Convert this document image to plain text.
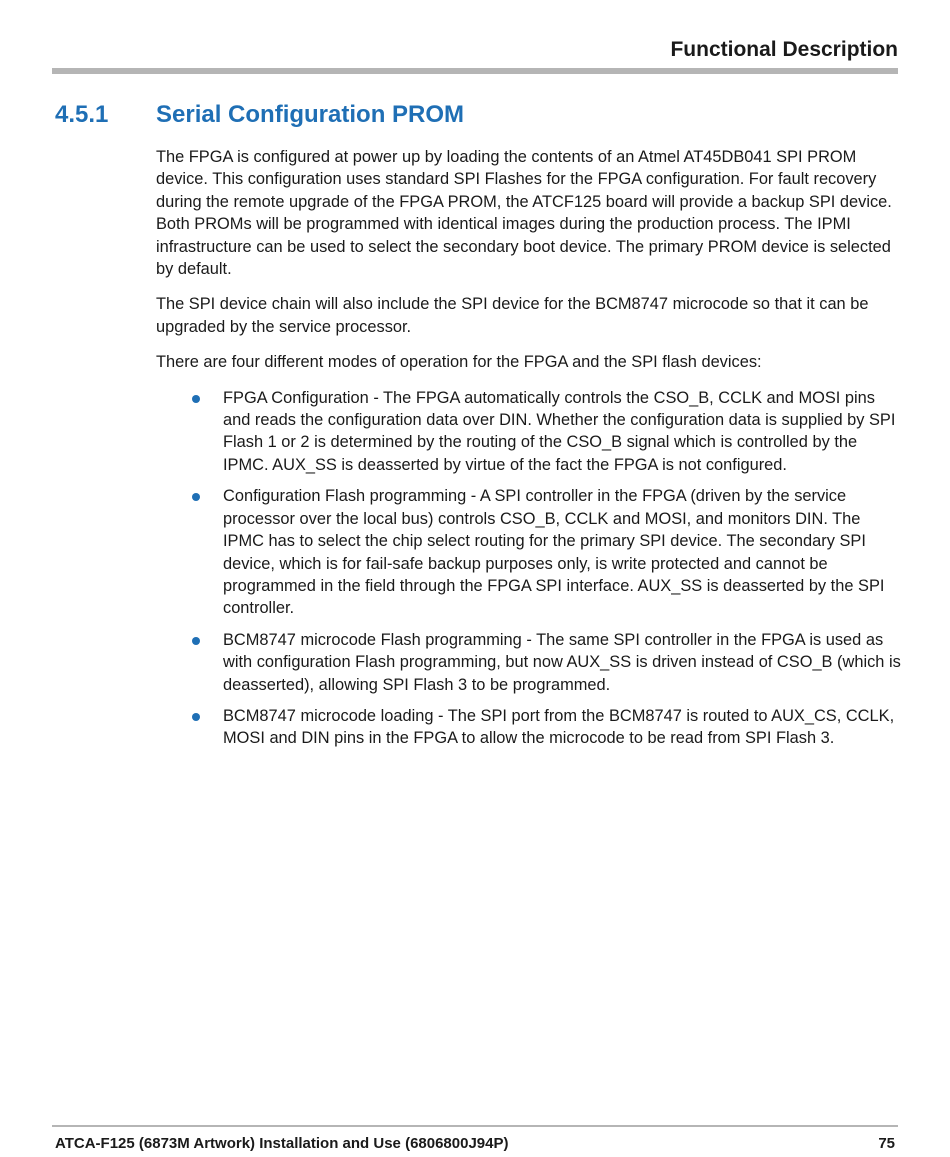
Functional Description
4.5.1 Serial Configuration PROM

The FPGA is configured at power up by loading the contents of an Atmel AT45DB041 SPI PROM device. This configuration uses standard SPI Flashes for the FPGA configuration. For fault recovery during the remote upgrade of the FPGA PROM, the ATCF125 board will provide a backup SPI device. Both PROMs will be programmed with identical images during the production process. The IPMI infrastructure can be used to select the secondary boot device. The primary PROM device is selected by default.

The SPI device chain will also include the SPI device for the BCM8747 microcode so that it can be upgraded by the service processor.

There are four different modes of operation for the FPGA and the SPI flash devices:

FPGA Configuration - The FPGA automatically controls the CSO_B, CCLK and MOSI pins and reads the configuration data over DIN. Whether the configuration data is supplied by SPI Flash 1 or 2 is determined by the routing of the CSO_B signal which is controlled by the IPMC. AUX_SS is deasserted by virtue of the fact the FPGA is not configured.
Configuration Flash programming - A SPI controller in the FPGA (driven by the service processor over the local bus) controls CSO_B, CCLK and MOSI, and monitors DIN. The IPMC has to select the chip select routing for the primary SPI device. The secondary SPI device, which is for fail-safe backup purposes only, is write protected and cannot be programmed in the field through the FPGA SPI interface. AUX_SS is deasserted by the SPI controller.
BCM8747 microcode Flash programming - The same SPI controller in the FPGA is used as with configuration Flash programming, but now AUX_SS is driven instead of CSO_B (which is deasserted), allowing SPI Flash 3 to be programmed.
BCM8747 microcode loading - The SPI port from the BCM8747 is routed to AUX_CS, CCLK, MOSI and DIN pins in the FPGA to allow the microcode to be read from SPI Flash 3.
ATCA-F125 (6873M Artwork) Installation and Use (6806800J94P)	75
